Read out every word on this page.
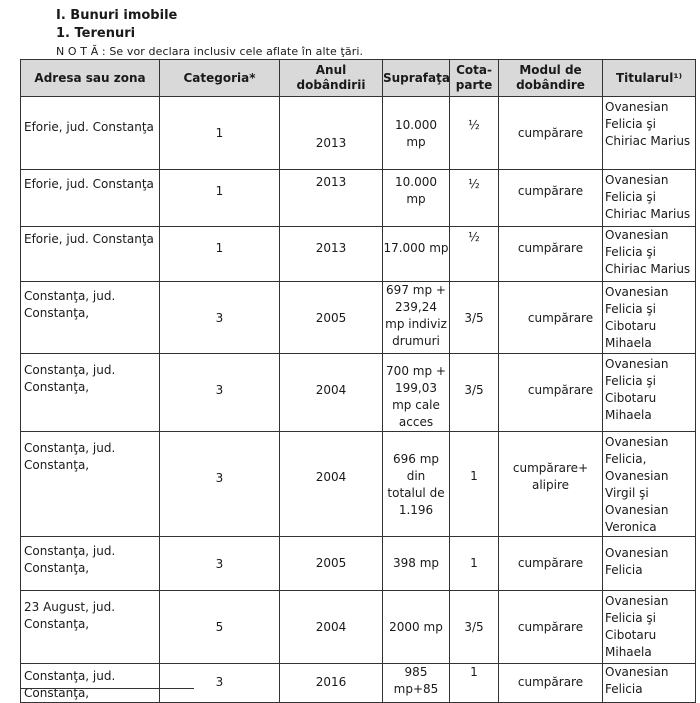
I. Bunuri imobile
1. Terenuri
N O T Ă : Se vor declara inclusiv cele aflate în alte ţări.
Adresa sau zona	Categoria*	Anul dobândirii	Suprafaţa	Cota-parte	Modul de dobândire	Titularul¹⁾

Eforie, jud. Constanţa	1	2013	10.000 mp	½	cumpărare	Ovanesian Felicia şi Chiriac Marius

Eforie, jud. Constanţa	1	2013	10.000 mp	½	cumpărare	Ovanesian Felicia şi Chiriac Marius

Eforie, jud. Constanţa	1	2013	17.000 mp	½	cumpărare	Ovanesian Felicia şi Chiriac Marius

Constanţa, jud. Constanţa,	3	2005	697 mp + 239,24 mp indiviz drumuri	3/5	cumpărare	Ovanesian Felicia şi Cibotaru Mihaela

Constanţa, jud. Constanţa,	3	2004	700 mp + 199,03 mp cale acces	3/5	cumpărare	Ovanesian Felicia şi Cibotaru Mihaela

Constanţa, jud. Constanţa,	3	2004	696 mp din totalul de 1.196	1	cumpărare+ alipire	Ovanesian Felicia, Ovanesian Virgil şi Ovanesian Veronica

Constanţa, jud. Constanţa,	3	2005	398 mp	1	cumpărare	Ovanesian Felicia

23 August, jud. Constanţa,	5	2004	2000 mp	3/5	cumpărare	Ovanesian Felicia şi Cibotaru Mihaela

Constanţa, jud. Constanţa,	3	2016	985 mp+85	1	cumpărare	Ovanesian Felicia
